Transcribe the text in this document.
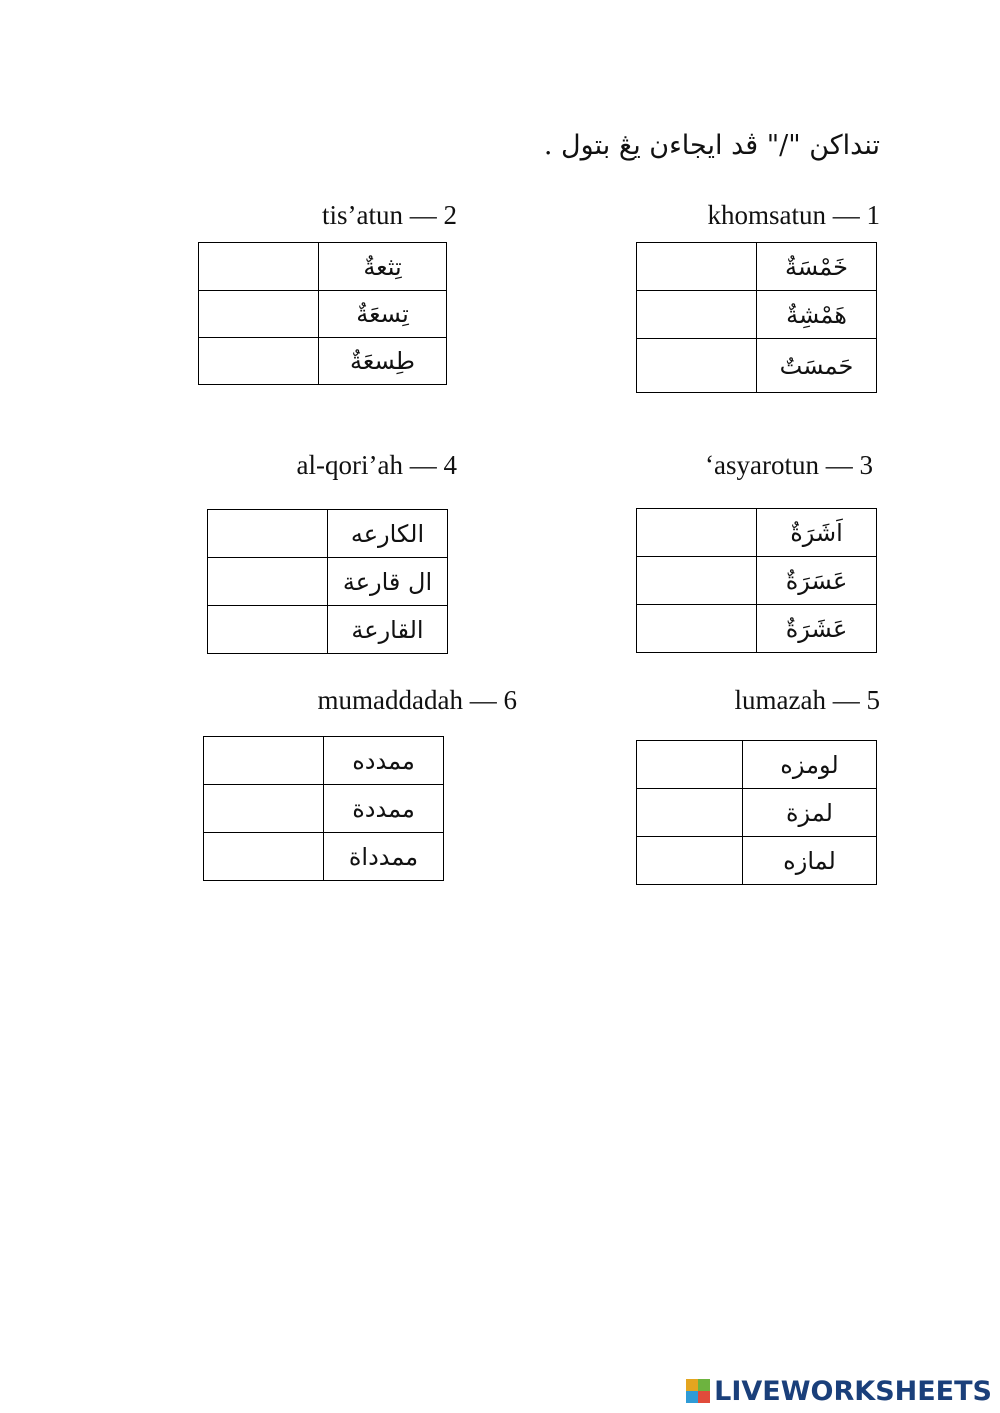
تنداكن "/" ڤد ايجاءن يڠ بتول .
khomsatun — 1
	خَمْسَةٌ
	هَمْشِةٌ
	حَمسَتٌ
tis’atun — 2
	تِثعةٌ
	تِسعَةٌ
	طِسعَةٌ
‘asyarotun — 3
	اَشَرَةٌ
	عَسَرَةٌ
	عَشَرَةٌ
al-qori’ah — 4
	الكارعه
	ال قارعة
	القارعة
lumazah — 5
	لومزه
	لمزة
	لمازه
mumaddadah — 6
	ممدده
	ممددة
	ممدداة
LIVEWORKSHEETS
